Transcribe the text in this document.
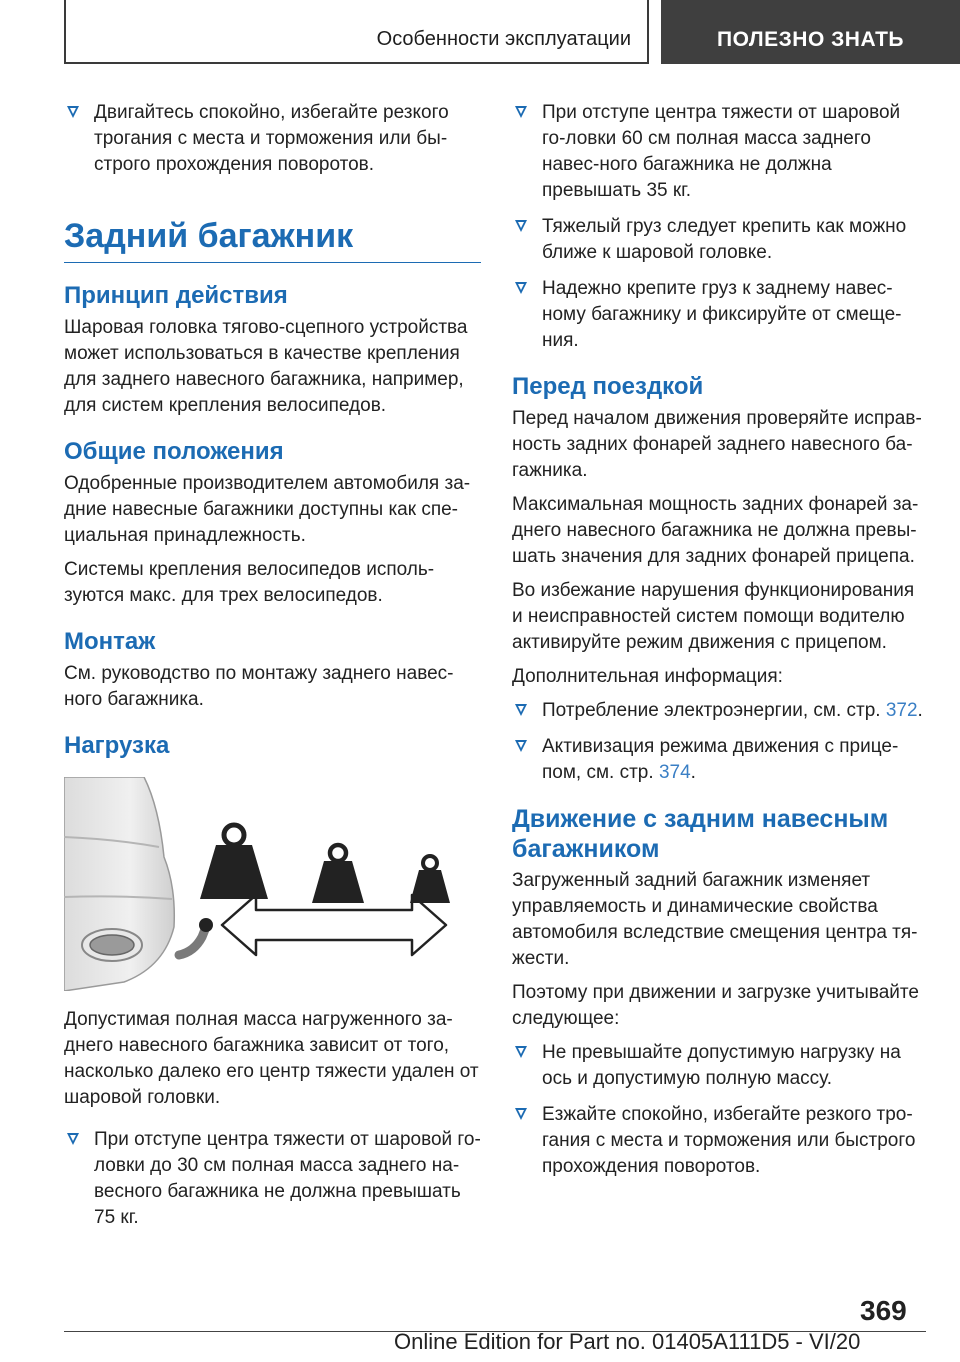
Особенности эксплуатации	ПОЛЕЗНО ЗНАТЬ
Двигайтесь спокойно, избегайте резкого трогания с места и торможения или бы-строго прохождения поворотов.
Задний багажник
Принцип действия

Шаровая головка тягово-сцепного устройства может использоваться в качестве крепления для заднего навесного багажника, например, для систем крепления велосипедов.

Общие положения

Одобренные производителем автомобиля за-дние навесные багажники доступны как спе-циальная принадлежность.

Системы крепления велосипедов исполь-зуются макс. для трех велосипедов.

Монтаж

См. руководство по монтажу заднего навес-ного багажника.

Нагрузка

Допустимая полная масса нагруженного за-днего навесного багажника зависит от того, насколько далеко его центр тяжести удален от шаровой головки.

При отступе центра тяжести от шаровой го-ловки до 30 см полная масса заднего на-весного багажника не должна превышать 75 кг.
При отступе центра тяжести от шаровой го-ловки 60 см полная масса заднего навес-ного багажника не должна превышать 35 кг.
Тяжелый груз следует крепить как можно ближе к шаровой головке.
Надежно крепите груз к заднему навес-ному багажнику и фиксируйте от смеще-ния.
Перед поездкой

Перед началом движения проверяйте исправ-ность задних фонарей заднего навесного ба-гажника.

Максимальная мощность задних фонарей за-днего навесного багажника не должна превы-шать значения для задних фонарей прицепа.

Во избежание нарушения функционирования и неисправностей систем помощи водителю активируйте режим движения с прицепом.

Дополнительная информация:

Потребление электроэнергии, см. стр. 372.
Активизация режима движения с прице-пом, см. стр. 374.
Движение с задним навесным багажником

Загруженный задний багажник изменяет управляемость и динамические свойства автомобиля вследствие смещения центра тя-жести.

Поэтому при движении и загрузке учитывайте следующее:

Не превышайте допустимую нагрузку на ось и допустимую полную массу.
Езжайте спокойно, избегайте резкого тро-гания с места и торможения или быстрого прохождения поворотов.
369
Online Edition for Part no. 01405A111D5 - VI/20
